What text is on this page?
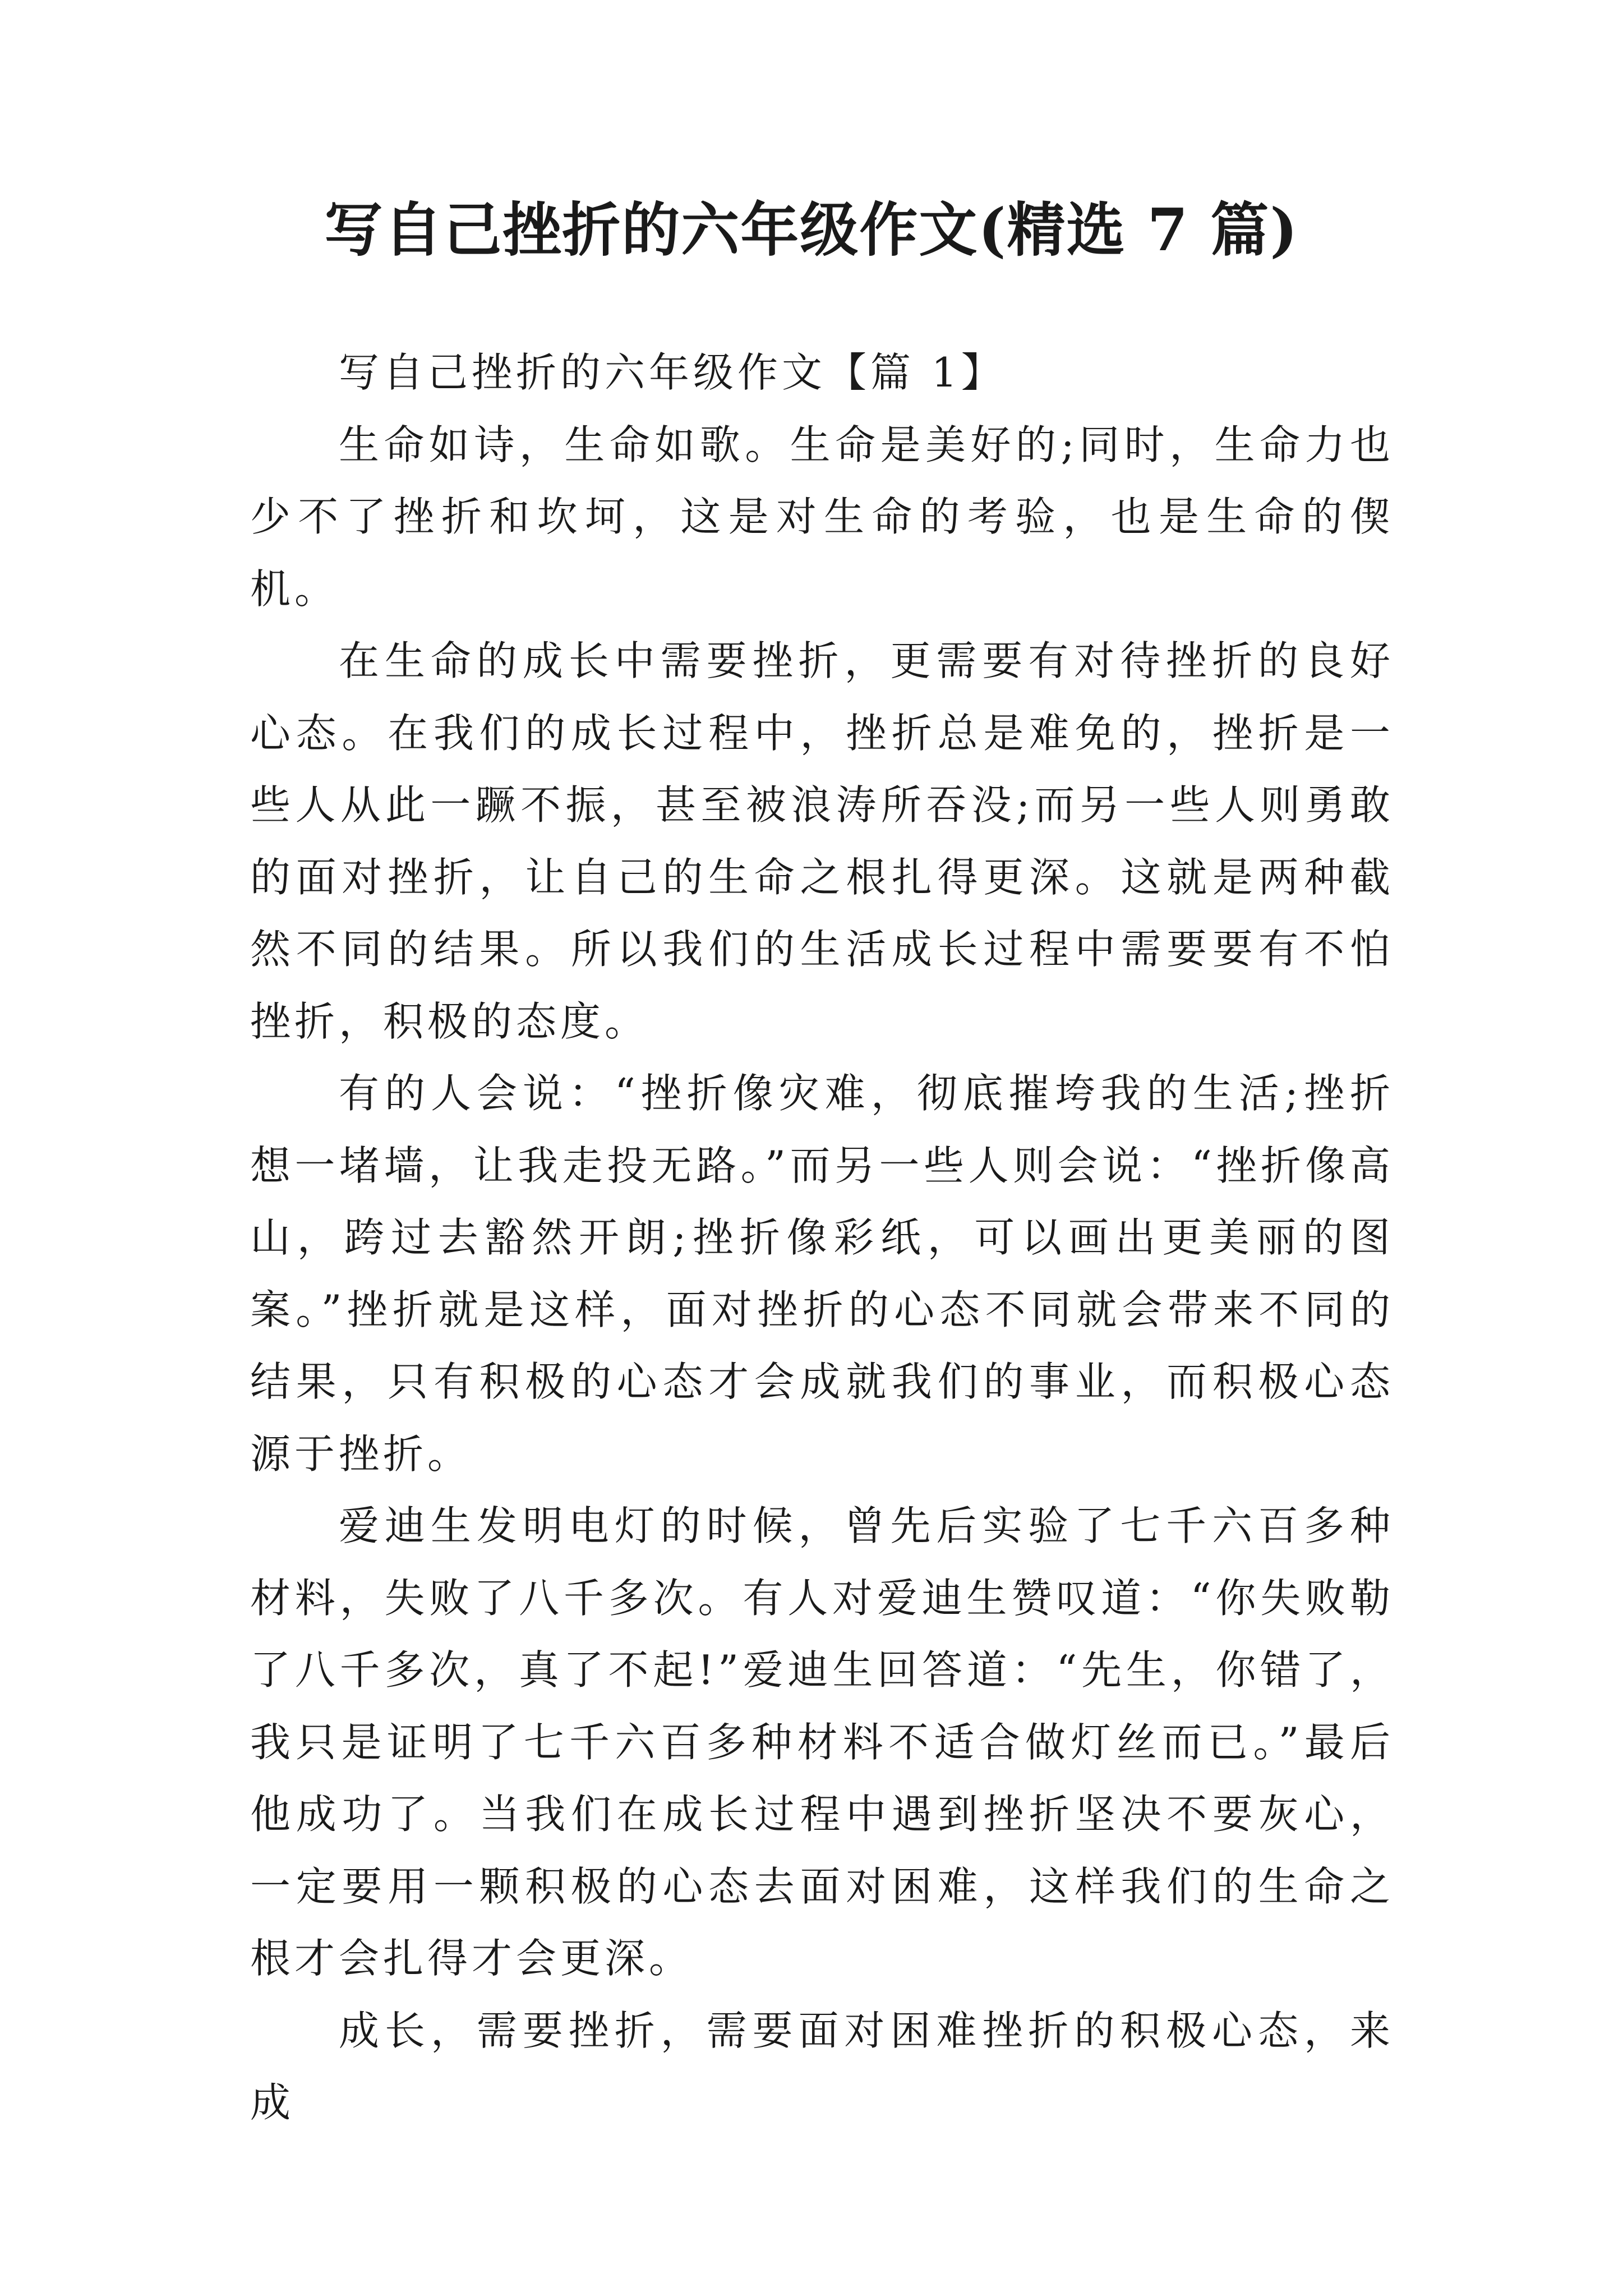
写自己挫折的六年级作文(精选 7 篇)

写自己挫折的六年级作文【篇 1】

生命如诗，生命如歌。生命是美好的;同时，生命力也少不了挫折和坎坷，这是对生命的考验，也是生命的偰机。

在生命的成长中需要挫折，更需要有对待挫折的良好心态。在我们的成长过程中，挫折总是难免的，挫折是一些人从此一蹶不振，甚至被浪涛所吞没;而另一些人则勇敢的面对挫折，让自己的生命之根扎得更深。这就是两种截然不同的结果。所以我们的生活成长过程中需要要有不怕挫折，积极的态度。

有的人会说：“挫折像灾难，彻底摧垮我的生活;挫折想一堵墙，让我走投无路。”而另一些人则会说：“挫折像高山，跨过去豁然开朗;挫折像彩纸，可以画出更美丽的图案。”挫折就是这样，面对挫折的心态不同就会带来不同的结果，只有积极的心态才会成就我们的事业，而积极心态源于挫折。

爱迪生发明电灯的时候，曾先后实验了七千六百多种材料，失败了八千多次。有人对爱迪生赞叹道：“你失败勒了八千多次，真了不起!”爱迪生回答道：“先生，你错了，我只是证明了七千六百多种材料不适合做灯丝而已。”最后他成功了。当我们在成长过程中遇到挫折坚决不要灰心，一定要用一颗积极的心态去面对困难，这样我们的生命之根才会扎得才会更深。

成长，需要挫折，需要面对困难挫折的积极心态，来成
